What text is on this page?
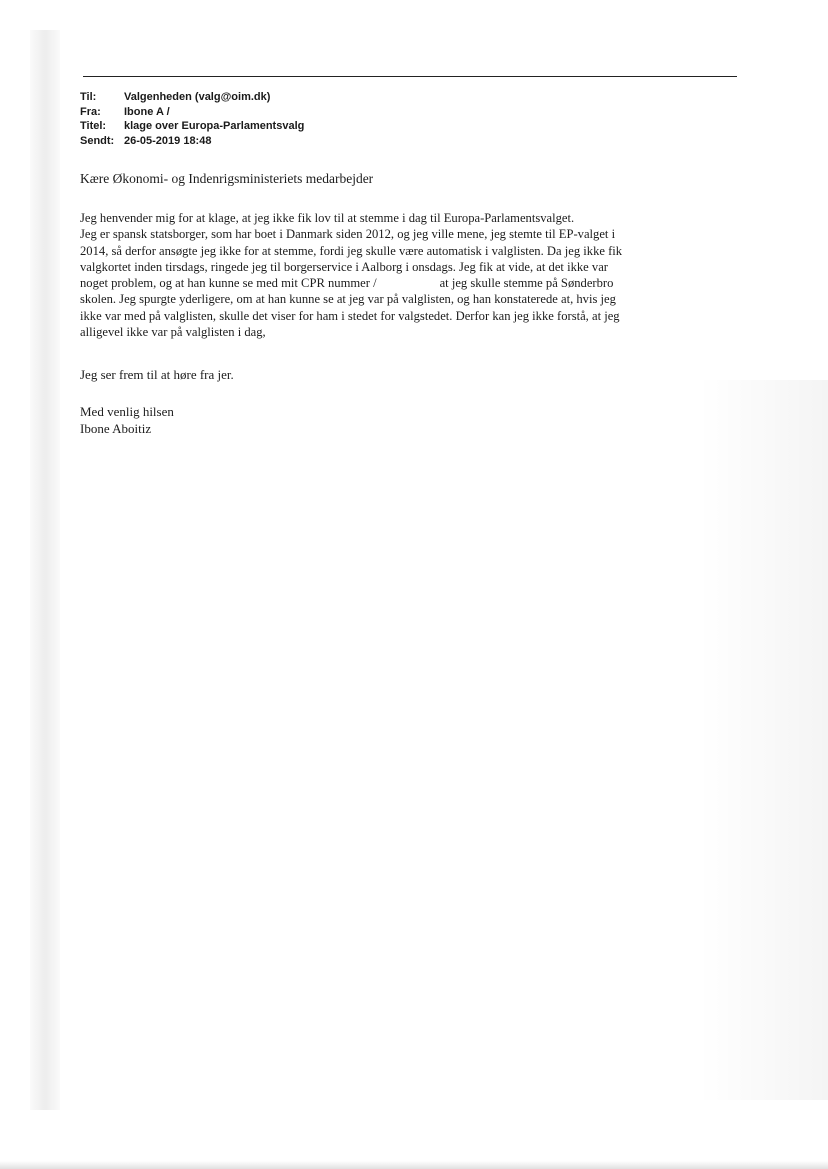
Til:	Valgenheden (valg@oim.dk)
Fra:	Ibone A /
Titel:	klage over Europa-Parlamentsvalg
Sendt: 26-05-2019 18:48
Kære Økonomi- og Indenrigsministeriets medarbejder
Jeg henvender mig for at klage, at jeg ikke fik lov til at stemme i dag til Europa-Parlamentsvalget.
Jeg er spansk statsborger, som har boet i Danmark siden 2012, og jeg ville mene, jeg stemte til EP-valget i
2014, så derfor ansøgte jeg ikke for at stemme, fordi jeg skulle være automatisk i valglisten. Da jeg ikke fik
valgkortet inden tirsdags, ringede jeg til borgerservice i Aalborg i onsdags. Jeg fik at vide, at det ikke var
noget problem, og at han kunne se med mit CPR nummer /                    at jeg skulle stemme på Sønderbro
skolen. Jeg spurgte yderligere, om at han kunne se at jeg var på valglisten, og han konstaterede at, hvis jeg
ikke var med på valglisten, skulle det viser for ham i stedet for valgstedet. Derfor kan jeg ikke forstå, at jeg
alligevel ikke var på valglisten i dag,
Jeg ser frem til at høre fra jer.
Med venlig hilsen
Ibone Aboitiz
